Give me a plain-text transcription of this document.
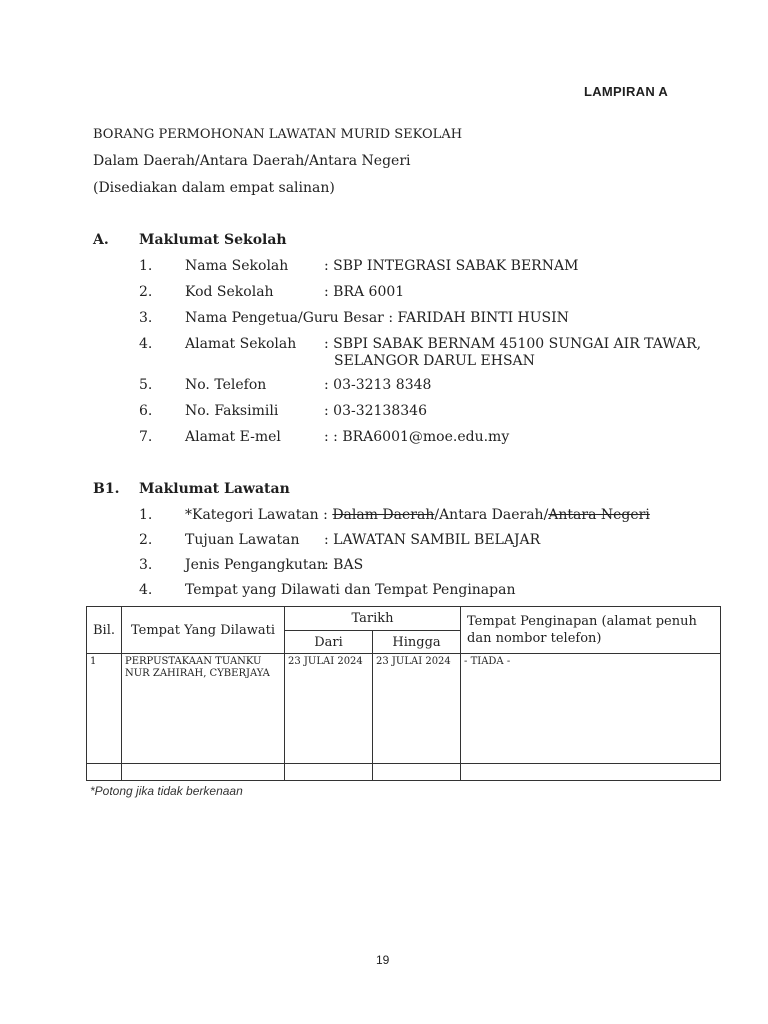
LAMPIRAN A
BORANG PERMOHONAN LAWATAN MURID SEKOLAH
Dalam Daerah/Antara Daerah/Antara Negeri
(Disediakan dalam empat salinan)
A. Maklumat Sekolah
1. Nama Sekolah	: SBP INTEGRASI SABAK BERNAM
2. Kod Sekolah	: BRA 6001
3. Nama Pengetua/Guru Besar : FARIDAH BINTI HUSIN
4. Alamat Sekolah : SBPI SABAK BERNAM 45100 SUNGAI AIR TAWAR,
SELANGOR DARUL EHSAN
5. No. Telefon	: 03-3213 8348
6. No. Faksimili	: 03-32138346
7. Alamat E-mel	: : BRA6001@moe.edu.my
B1. Maklumat Lawatan
1. *Kategori Lawatan : Dalam Daerah/Antara Daerah/Antara Negeri
2. Tujuan Lawatan : LAWATAN SAMBIL BELAJAR
3. Jenis Pengangkutan
: BAS
4. Tempat yang Dilawati dan Tempat Penginapan
Bil.	Tempat Yang Dilawati	Tarikh		Tempat Penginapan (alamat penuh dan nombor telefon)
		Dari	Hingga	
1	PERPUSTAKAAN TUANKU NUR ZAHIRAH, CYBERJAYA	23 JULAI 2024	23 JULAI 2024	- TIADA -

*Potong jika tidak berkenaan
19
